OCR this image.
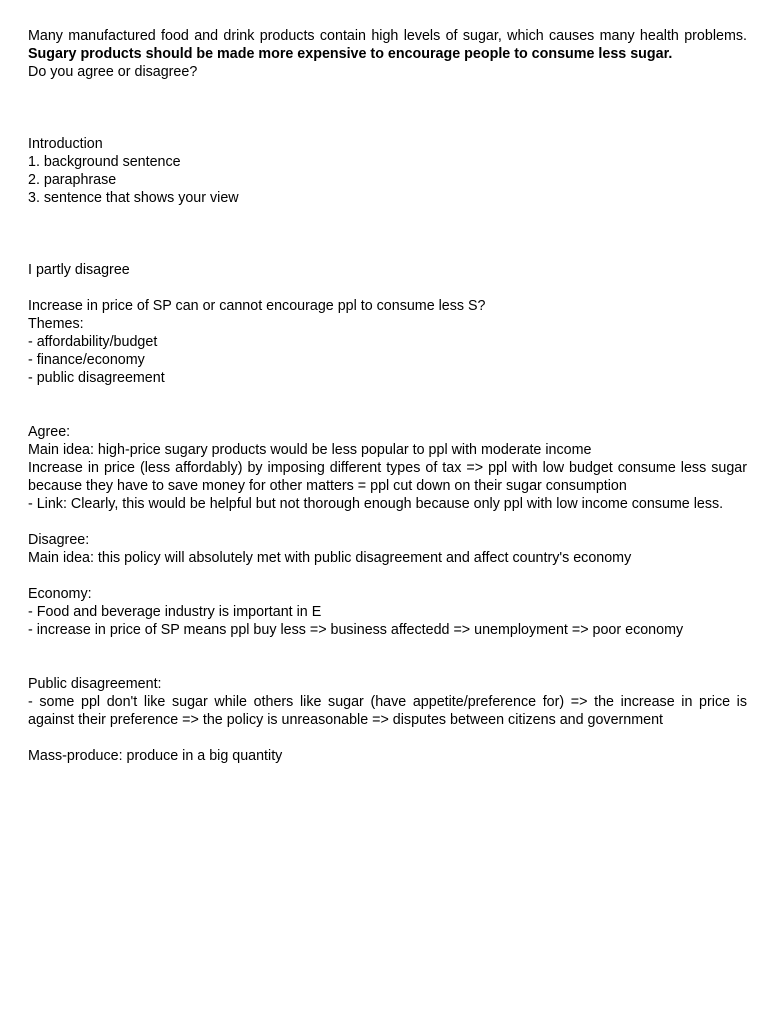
Many manufactured food and drink products contain high levels of sugar, which causes many health problems. Sugary products should be made more expensive to encourage people to consume less sugar.

Do you agree or disagree?
Introduction
1. background sentence
2. paraphrase
3. sentence that shows your view
I partly disagree
Increase in price of SP can or cannot encourage ppl to consume less S?
Themes:
- affordability/budget
- finance/economy
- public disagreement
Agree:
Main idea: high-price sugary products would be less popular to ppl with moderate income

Increase in price (less affordably) by imposing different types of tax => ppl with low budget consume less sugar because they have to save money for other matters = ppl cut down on their sugar consumption

- Link: Clearly, this would be helpful but not thorough enough because only ppl with low income consume less.

Disagree:
Main idea: this policy will absolutely met with public disagreement and affect country's economy
Economy:
- Food and beverage industry is important in E
- increase in price of SP means ppl buy less => business affectedd => unemployment => poor economy
Public disagreement:

- some ppl don't like sugar while others like sugar (have appetite/preference for) => the increase in price is against their preference => the policy is unreasonable => disputes between citizens and government

Mass-produce: produce in a big quantity
